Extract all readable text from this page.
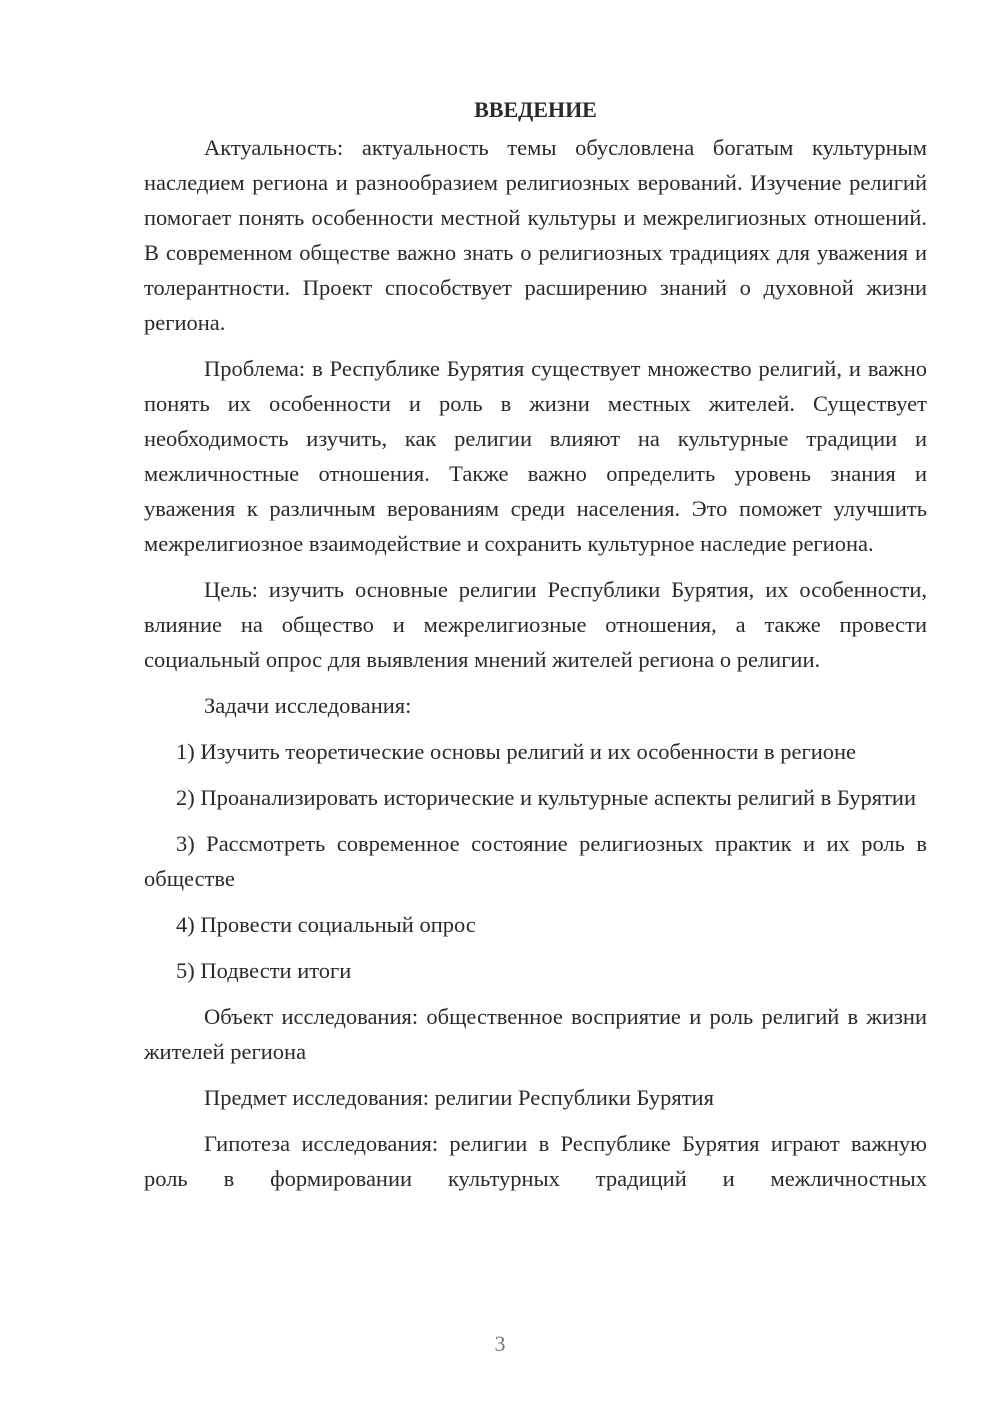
ВВЕДЕНИЕ

Актуальность: актуальность темы обусловлена богатым культурным наследием региона и разнообразием религиозных верований. Изучение религий помогает понять особенности местной культуры и межрелигиозных отношений. В современном обществе важно знать о религиозных традициях для уважения и толерантности. Проект способствует расширению знаний о духовной жизни региона.

Проблема: в Республике Бурятия существует множество религий, и важно понять их особенности и роль в жизни местных жителей. Существует необходимость изучить, как религии влияют на культурные традиции и межличностные отношения. Также важно определить уровень знания и уважения к различным верованиям среди населения. Это поможет улучшить межрелигиозное взаимодействие и сохранить культурное наследие региона.

Цель: изучить основные религии Республики Бурятия, их особенности, влияние на общество и межрелигиозные отношения, а также провести социальный опрос для выявления мнений жителей региона о религии.

Задачи исследования:

1) Изучить теоретические основы религий и их особенности в регионе

2) Проанализировать исторические и культурные аспекты религий в Бурятии

3) Рассмотреть современное состояние религиозных практик и их роль в обществе

4) Провести социальный опрос

5) Подвести итоги

Объект исследования: общественное восприятие и роль религий в жизни жителей региона

Предмет исследования: религии Республики Бурятия

Гипотеза исследования: религии в Республике Бурятия играют важную роль в формировании культурных традиций и межличностных

3
